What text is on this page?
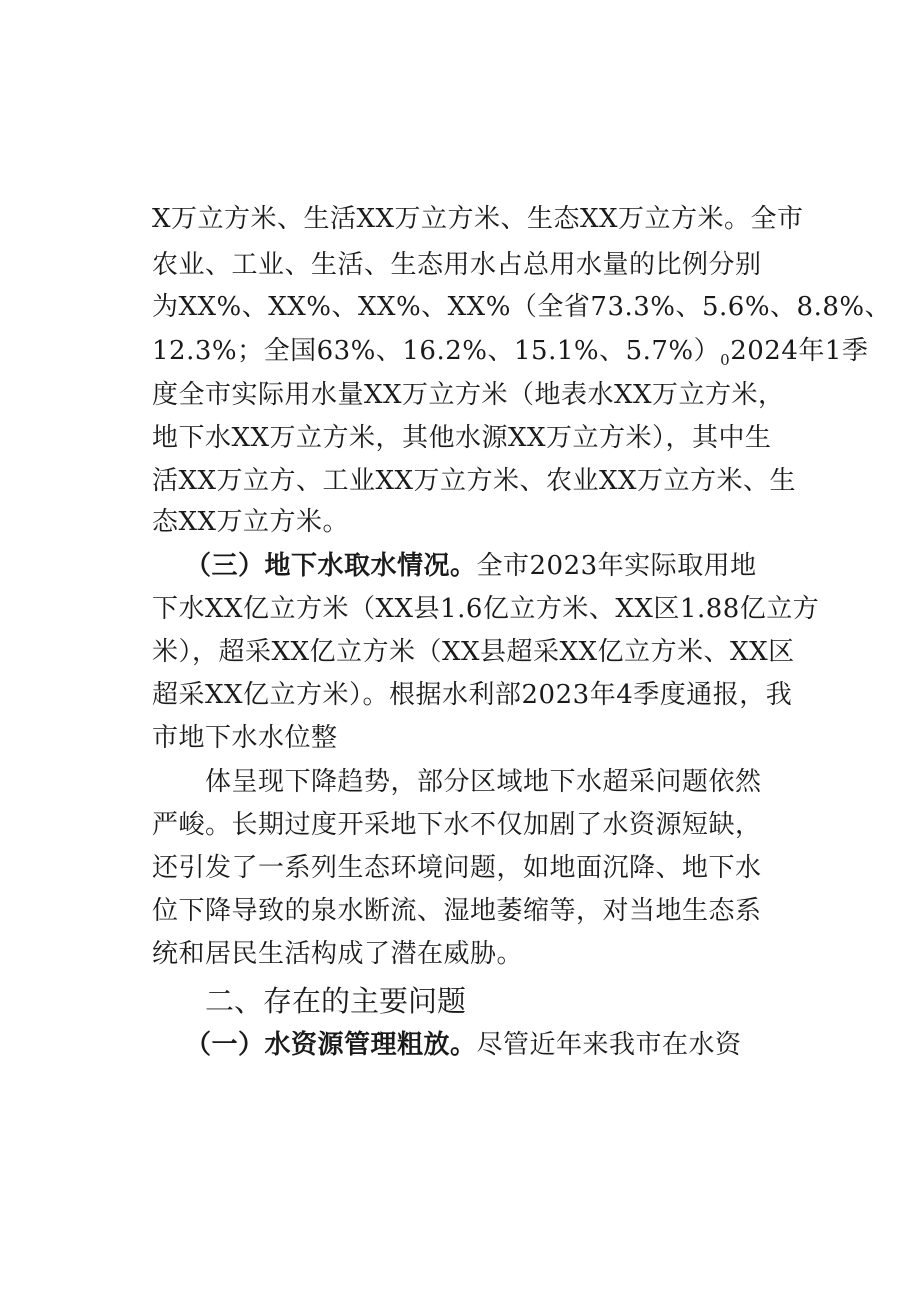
X万立方米、生活XX万立方米、生态XX万立方米。全市
农业、工业、生活、生态用水占总用水量的比例分别
为XX%、XX%、XX%、XX%（全省73.3%、5.6%、8.8%、
12.3%；全国63%、16.2%、15.1%、$5.7\%)_02024$年1季
度全市实际用水量XX万立方米（地表水XX万立方米，
地下水XX万立方米，其他水源XX万立方米），其中生
活XX万立方、工业XX万立方米、农业XX万立方米、生
态XX万立方米。
（三）地下水取水情况。全市2023年实际取用地
下水XX亿立方米（XX县1.6亿立方米、XX区1.88亿立方
米），超采XX亿立方米（XX县超采XX亿立方米、XX区
超采XX亿立方米）。根据水利部2023年4季度通报，我
市地下水水位整
体呈现下降趋势，部分区域地下水超采问题依然
严峻。长期过度开采地下水不仅加剧了水资源短缺，
还引发了一系列生态环境问题，如地面沉降、地下水
位下降导致的泉水断流、湿地萎缩等，对当地生态系
统和居民生活构成了潜在威胁。
二、存在的主要问题
（一）水资源管理粗放。尽管近年来我市在水资
